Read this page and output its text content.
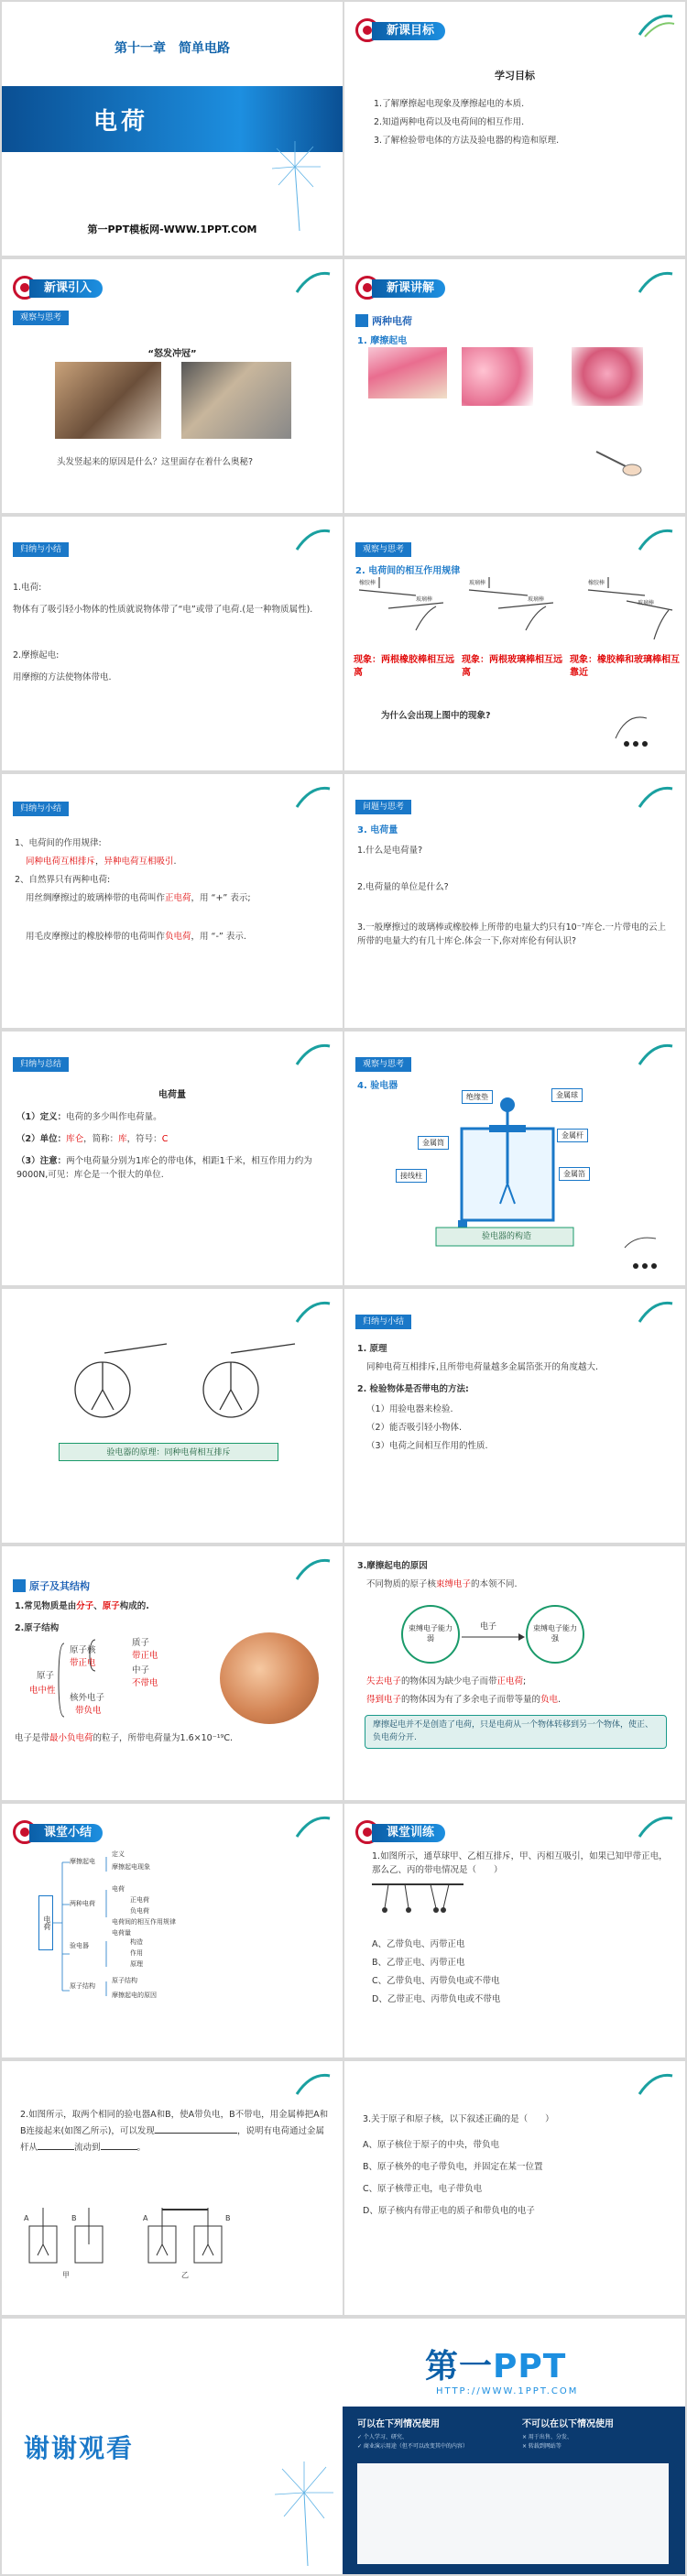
第十一章　简单电路
电荷
第一PPT模板网-WWW.1PPT.COM
新课目标
学习目标
1.了解摩擦起电现象及摩擦起电的本质.
2.知道两种电荷以及电荷间的相互作用.
3.了解检验带电体的方法及验电器的构造和原理.
新课引入
观察与思考
“怒发冲冠”
头发竖起来的原因是什么？这里面存在着什么奥秘?
新课讲解
两种电荷
1. 摩擦起电
归纳与小结
1.电荷:
物体有了吸引轻小物体的性质就说物体带了“电”或带了电荷.(是一种物质属性).
2.摩擦起电:
用摩擦的方法使物体带电.
观察与思考
2. 电荷间的相互作用规律
橡胶棒
玻璃棒
玻璃棒
玻璃棒
橡胶棒
玻璃棒
现象：两根橡胶棒相互远离
现象：两根玻璃棒相互远离
现象：橡胶棒和玻璃棒相互靠近
为什么会出现上图中的现象?
归纳与小结
1、电荷间的作用规律:
同种电荷互相排斥，异种电荷互相吸引.
2、自然界只有两种电荷:
用丝绸摩擦过的玻璃棒带的电荷叫作正电荷，用 “+” 表示;
用毛皮摩擦过的橡胶棒带的电荷叫作负电荷，用 “-” 表示.
问题与思考
3. 电荷量
1.什么是电荷量?
2.电荷量的单位是什么?
3.一般摩擦过的玻璃棒或橡胶棒上所带的电量大约只有10⁻⁷库仑.一片带电的云上所带的电量大约有几十库仑.体会一下,你对库伦有何认识?
归纳与总结
电荷量
（1）定义：电荷的多少叫作电荷量。
（2）单位：库仑，简称：库，符号：C
（3）注意：两个电荷量分别为1库仑的带电体，相距1千米，相互作用力约为9000N,可见：库仑是一个很大的单位.
观察与思考
4. 验电器
绝缘垫	金属球
金属杆
金属筒
接线柱	金属箔
验电器的构造
验电器的原理：同种电荷相互排斥
归纳与小结
1. 原理
同种电荷互相排斥,且所带电荷量越多金属箔张开的角度越大.
2. 检验物体是否带电的方法:
（1）用验电器来检验.
（2）能否吸引轻小物体.
（3）电荷之间相互作用的性质.
原子及其结构
1.常见物质是由分子、原子构成的.
2.原子结构
原子
电中性
原子核
带正电
质子
带正电
中子
不带电
核外电子
带负电
电子是带最小负电荷的粒子，所带电荷量为1.6×10⁻¹⁹C.
3.摩擦起电的原因
不同物质的原子核束缚电子的本领不同.
束缚电子能力弱
束缚电子能力强
电子
失去电子的物体因为缺少电子而带正电荷;
得到电子的物体因为有了多余电子而带等量的负电.
摩擦起电并不是创造了电荷，只是电荷从一个物体转移到另一个物体，使正、负电荷分开.
课堂小结
电荷
摩擦起电
定义
摩擦起电现象
电荷
正电荷
负电荷
两种电荷
电荷间的相互作用规律
电荷量
验电器	构造
作用
原理
原子结构
原子结构
摩擦起电的原因
课堂训练
1.如图所示，通草球甲、乙相互排斥，甲、丙相互吸引，如果已知甲带正电，那么乙、丙的带电情况是（　　）
A、乙带负电、丙带正电
B、乙带正电、丙带正电
C、乙带负电、丙带负电或不带电
D、乙带正电、丙带负电或不带电
2.如图所示，取两个相同的验电器A和B，使A带负电，B不带电，用金属棒把A和B连接起来(如图乙所示)，可以发现	，说明有电荷通过金属杆从	流动到	。
A	B	A	B
甲	乙
3.关于原子和原子核，以下叙述正确的是（　　）
A、原子核位于原子的中央，带负电
B、原子核外的电子带负电，并固定在某一位置
C、原子核带正电，电子带负电
D、原子核内有带正电的质子和带负电的电子
谢谢观看
第一PPT
HTTP://WWW.1PPT.COM
可以在下列情况使用	不可以在以下情况使用
✓ 个人学习、研究、
✓ 商业演示用途（但不可以改变其中的内容）
× 用于出售、分发、
× 转载到网站等
